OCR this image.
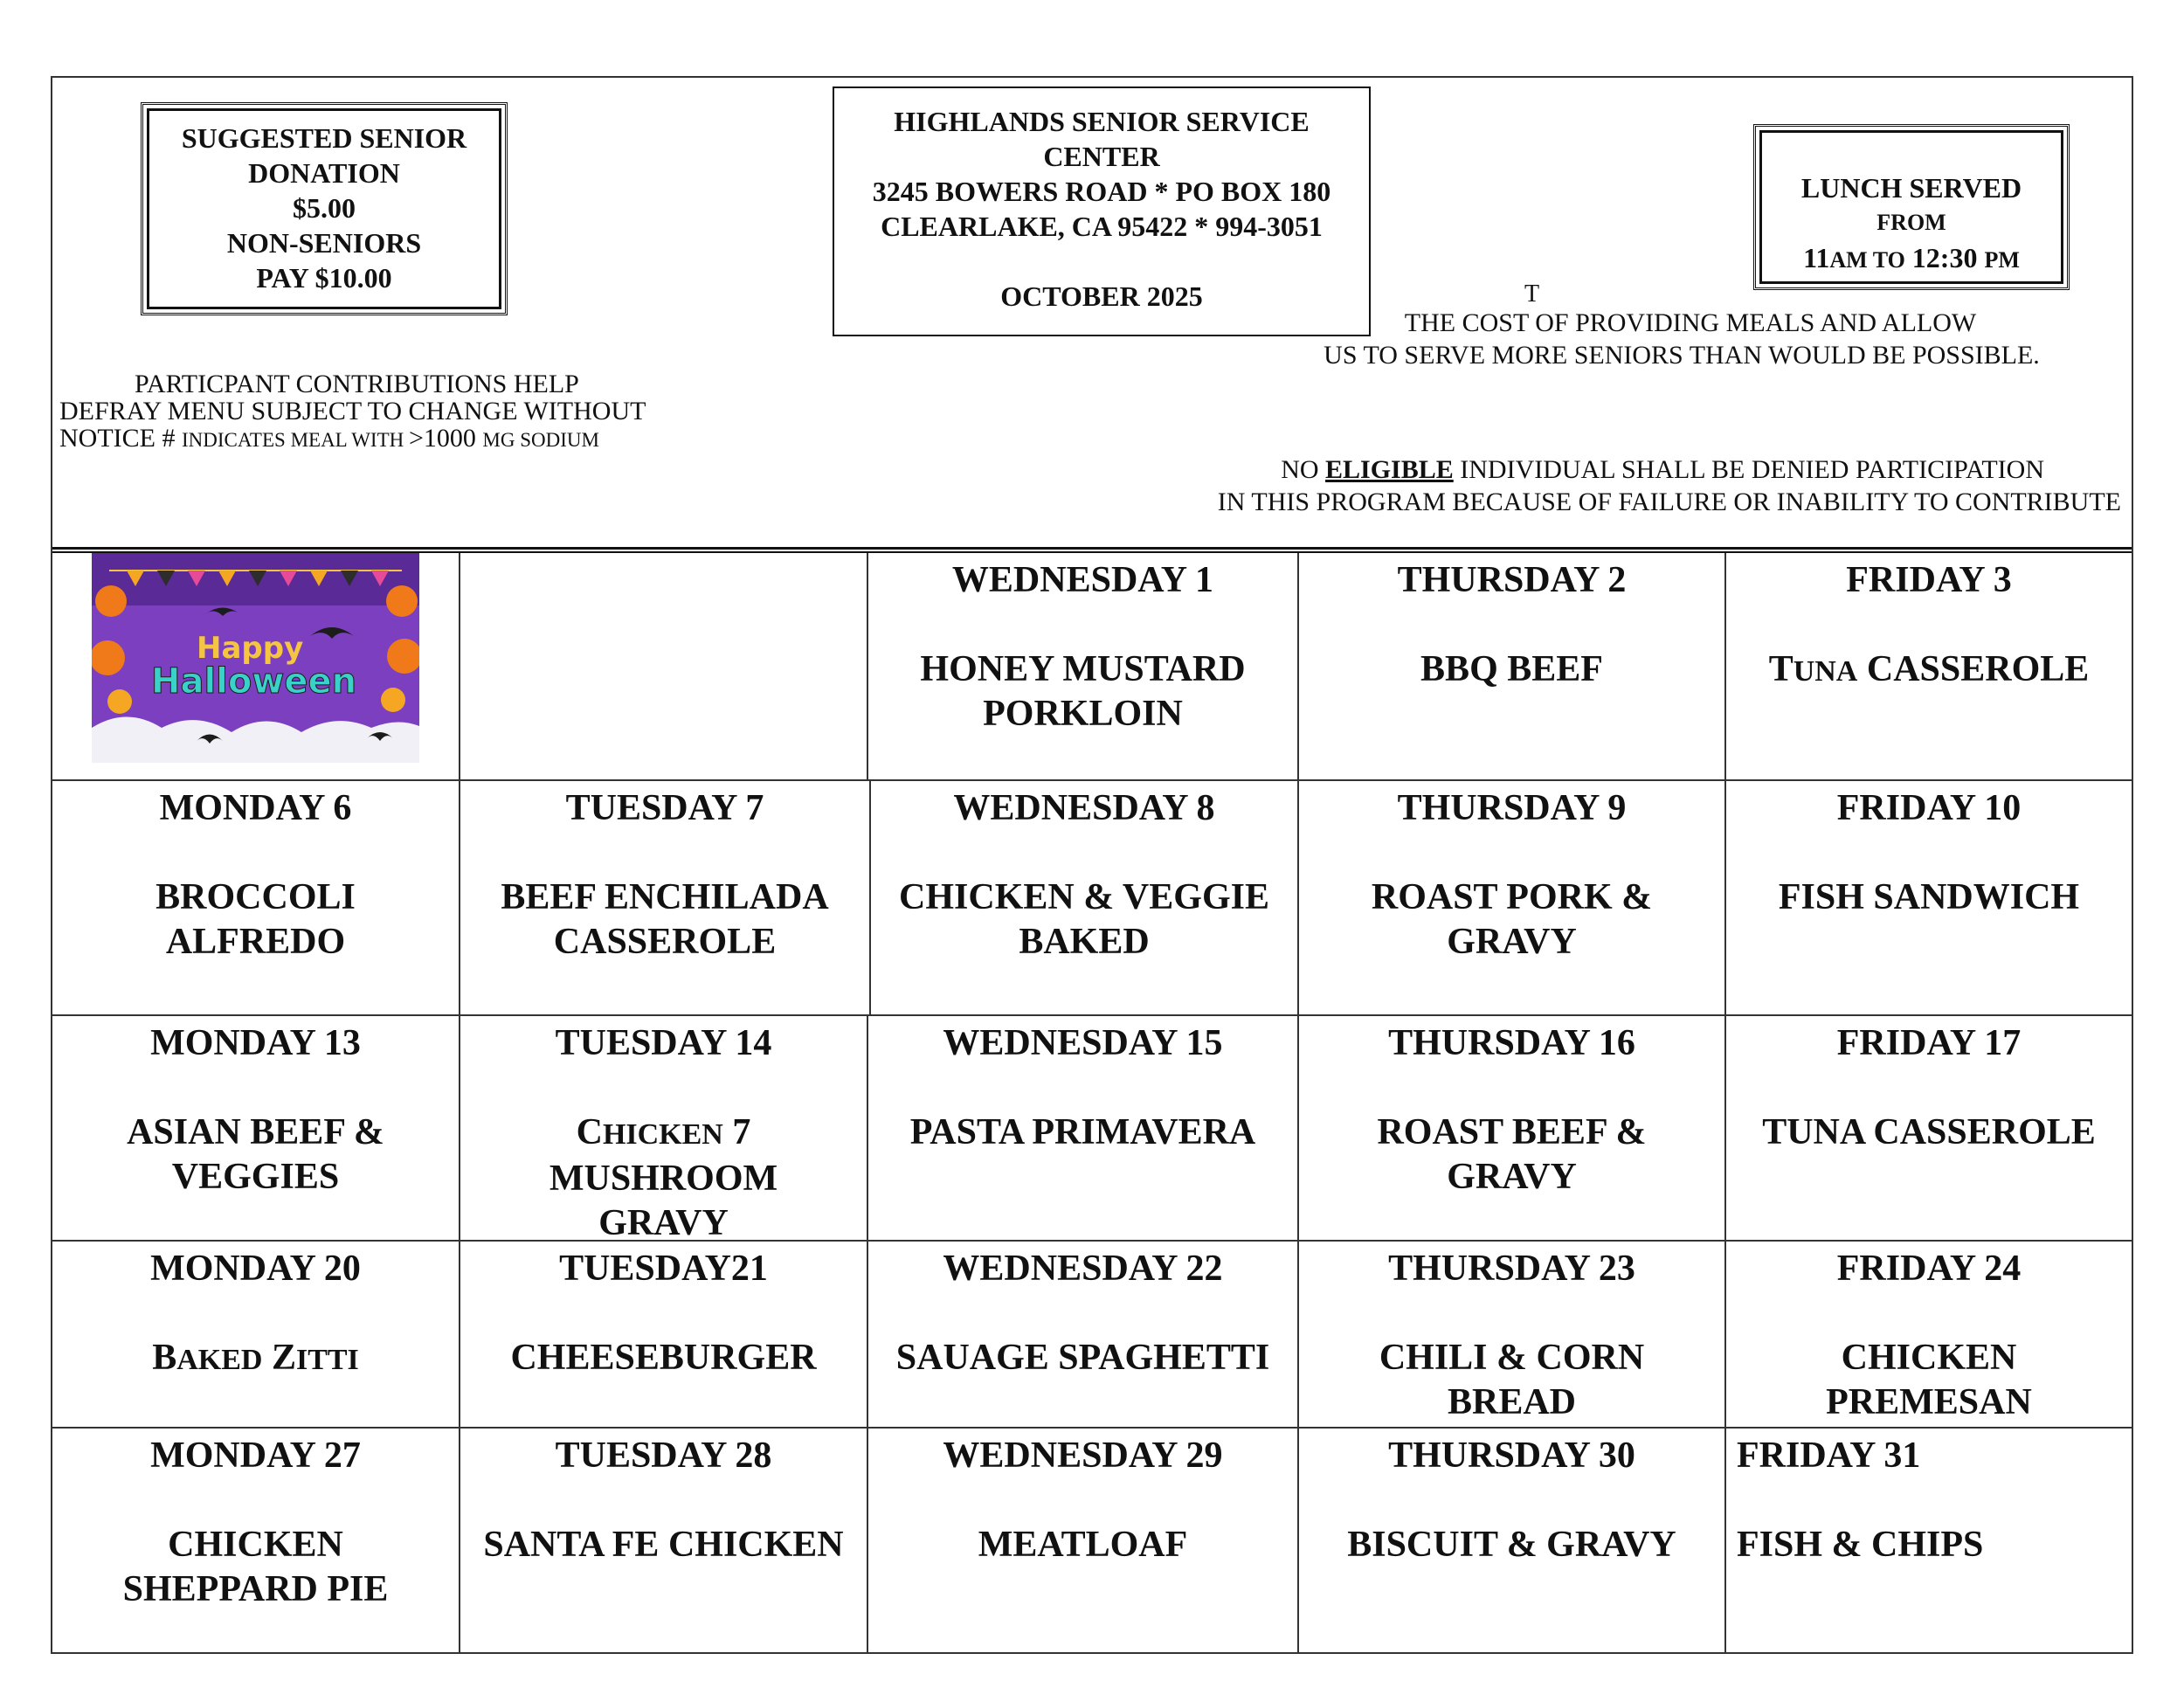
SUGGESTED SENIOR
DONATION
$5.00
NON-SENIORS
PAY $10.00
HIGHLANDS SENIOR SERVICE
CENTER
3245 BOWERS ROAD * PO BOX 180
CLEARLAKE, CA 95422 * 994-3051
OCTOBER 2025
LUNCH SERVED
FROM
11AM TO 12:30 PM
T
THE COST OF PROVIDING MEALS AND ALLOW
US TO SERVE MORE SENIORS THAN WOULD BE POSSIBLE.
PARTICPANT CONTRIBUTIONS HELP
DEFRAY MENU SUBJECT TO CHANGE WITHOUT
NOTICE # INDICATES MEAL WITH >1000 MG SODIUM
NO ELIGIBLE INDIVIDUAL SHALL BE DENIED PARTICIPATION
IN THIS PROGRAM BECAUSE OF FAILURE OR INABILITY TO CONTRIBUTE
Happy
Halloween
WEDNESDAY 1
HONEY MUSTARD
PORKLOIN
THURSDAY 2
BBQ BEEF
FRIDAY 3
TUNA CASSEROLE
MONDAY 6
BROCCOLI
ALFREDO
TUESDAY 7
BEEF ENCHILADA
CASSEROLE
WEDNESDAY 8
CHICKEN & VEGGIE
BAKED
THURSDAY 9
ROAST PORK &
GRAVY
FRIDAY 10
FISH SANDWICH
MONDAY 13
ASIAN BEEF &
VEGGIES
TUESDAY 14
CHICKEN 7
MUSHROOM
GRAVY
WEDNESDAY 15
PASTA PRIMAVERA
THURSDAY 16
ROAST BEEF &
GRAVY
FRIDAY 17
TUNA CASSEROLE
MONDAY 20
BAKED ZITTI
TUESDAY21
CHEESEBURGER
WEDNESDAY 22
SAUAGE SPAGHETTI
THURSDAY 23
CHILI & CORN
BREAD
FRIDAY 24
CHICKEN
PREMESAN
MONDAY 27
CHICKEN
SHEPPARD PIE
TUESDAY 28
SANTA FE CHICKEN
WEDNESDAY 29
MEATLOAF
THURSDAY 30
BISCUIT & GRAVY
FRIDAY 31
FISH & CHIPS
